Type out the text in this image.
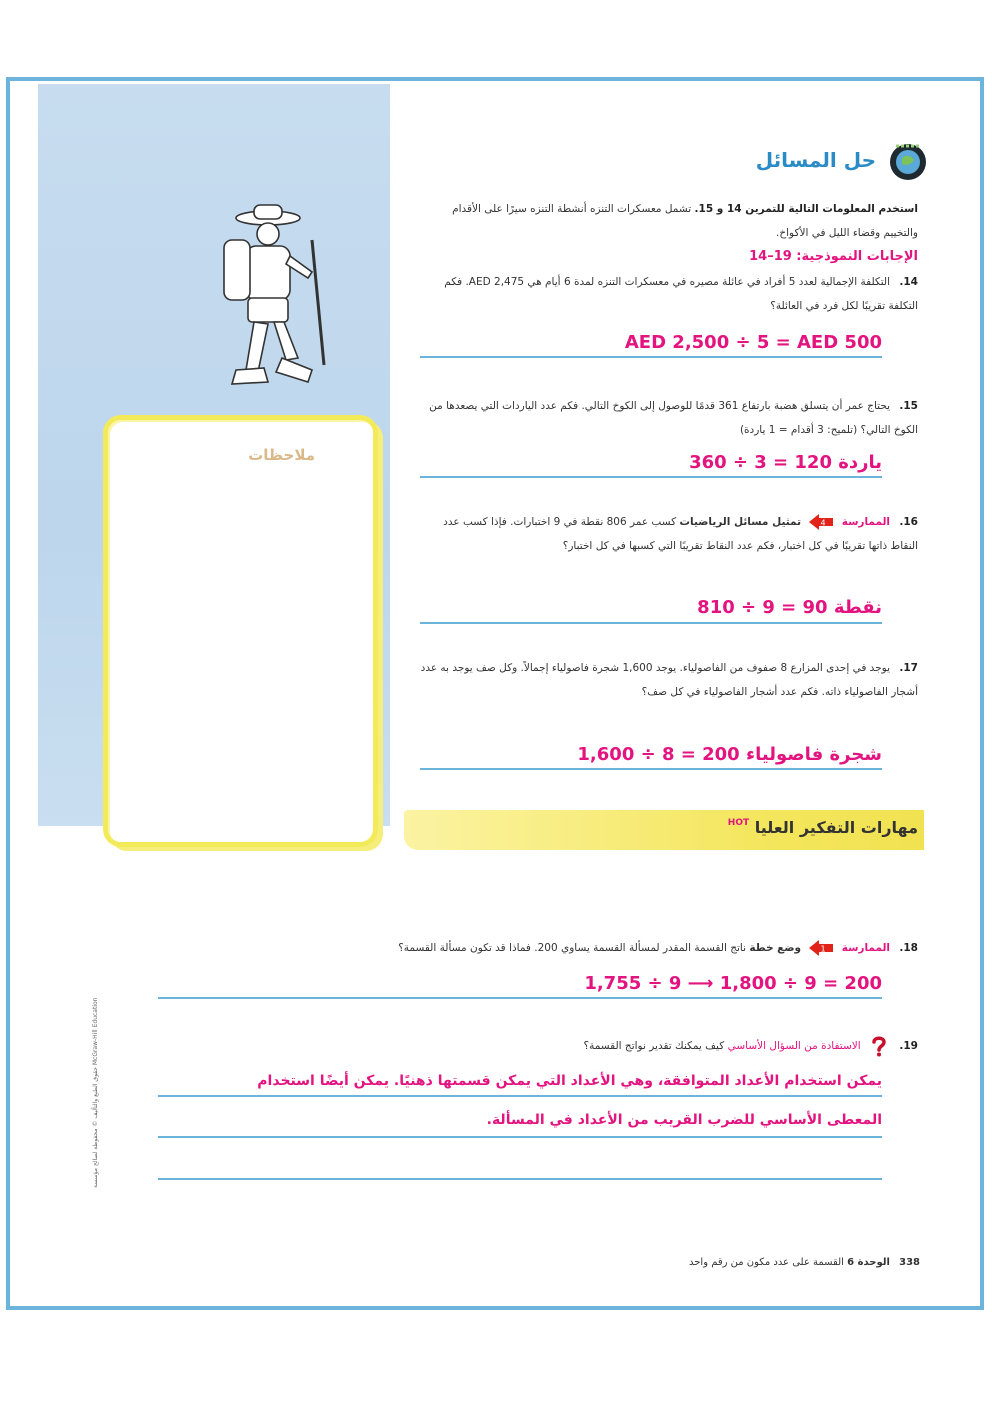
ملاحظات
حل المسائل
استخدم المعلومات التالية للتمرين 14 و 15. تشمل معسكرات التنزه أنشطة التنزه سيرًا على الأقدام والتخييم وقضاء الليل في الأكواخ.
الإجابات النموذجية: 19–14
14. التكلفة الإجمالية لعدد 5 أفراد في عائلة مصيره في معسكرات التنزه لمدة 6 أيام هي AED 2,475. فكم التكلفة تقريبًا لكل فرد في العائلة؟
AED 2,500 ÷ 5 = AED 500
15. يحتاج عمر أن يتسلق هضبة بارتفاع 361 قدمًا للوصول إلى الكوخ التالي. فكم عدد الياردات التي يصعدها من الكوخ التالي؟ (تلميح: 3 أقدام = 1 ياردة)
360 ÷ 3 = 120 ياردة
16. الممارسة
4
تمثيل مسائل الرياضيات كسب عمر 806 نقطة في 9 اختبارات. فإذا كسب عدد النقاط ذاتها تقريبًا في كل اختبار، فكم عدد النقاط تقريبًا التي كسبها في كل اختبار؟
810 ÷ 9 = 90 نقطة
17. يوجد في إحدى المزارع 8 صفوف من الفاصولياء. يوجد 1,600 شجرة فاصولياء إجمالاً. وكل صف يوجد به عدد أشجار الفاصولياء ذاته. فكم عدد أشجار الفاصولياء في كل صف؟
1,600 ÷ 8 = 200 شجرة فاصولياء
مهارات التفكير العليا $^{HOT}$
18. الممارسة
1
وضع خطة ناتج القسمة المقدر لمسألة القسمة يساوي 200. فماذا قد تكون مسألة القسمة؟
1,755 ÷ 9 ⟶ 1,800 ÷ 9 = 200
19.  الاستفادة من السؤال الأساسي كيف يمكنك تقدير نواتج القسمة؟
يمكن استخدام الأعداد المتوافقة، وهي الأعداد التي يمكن قسمتها ذهنيًا. يمكن أيضًا استخدام
المعطى الأساسي للضرب القريب من الأعداد في المسألة.
حقوق الطبع والتأليف © محفوظة لصالح مؤسسة McGraw-Hill Education
338 الوحدة 6 القسمة على عدد مكون من رقم واحد
